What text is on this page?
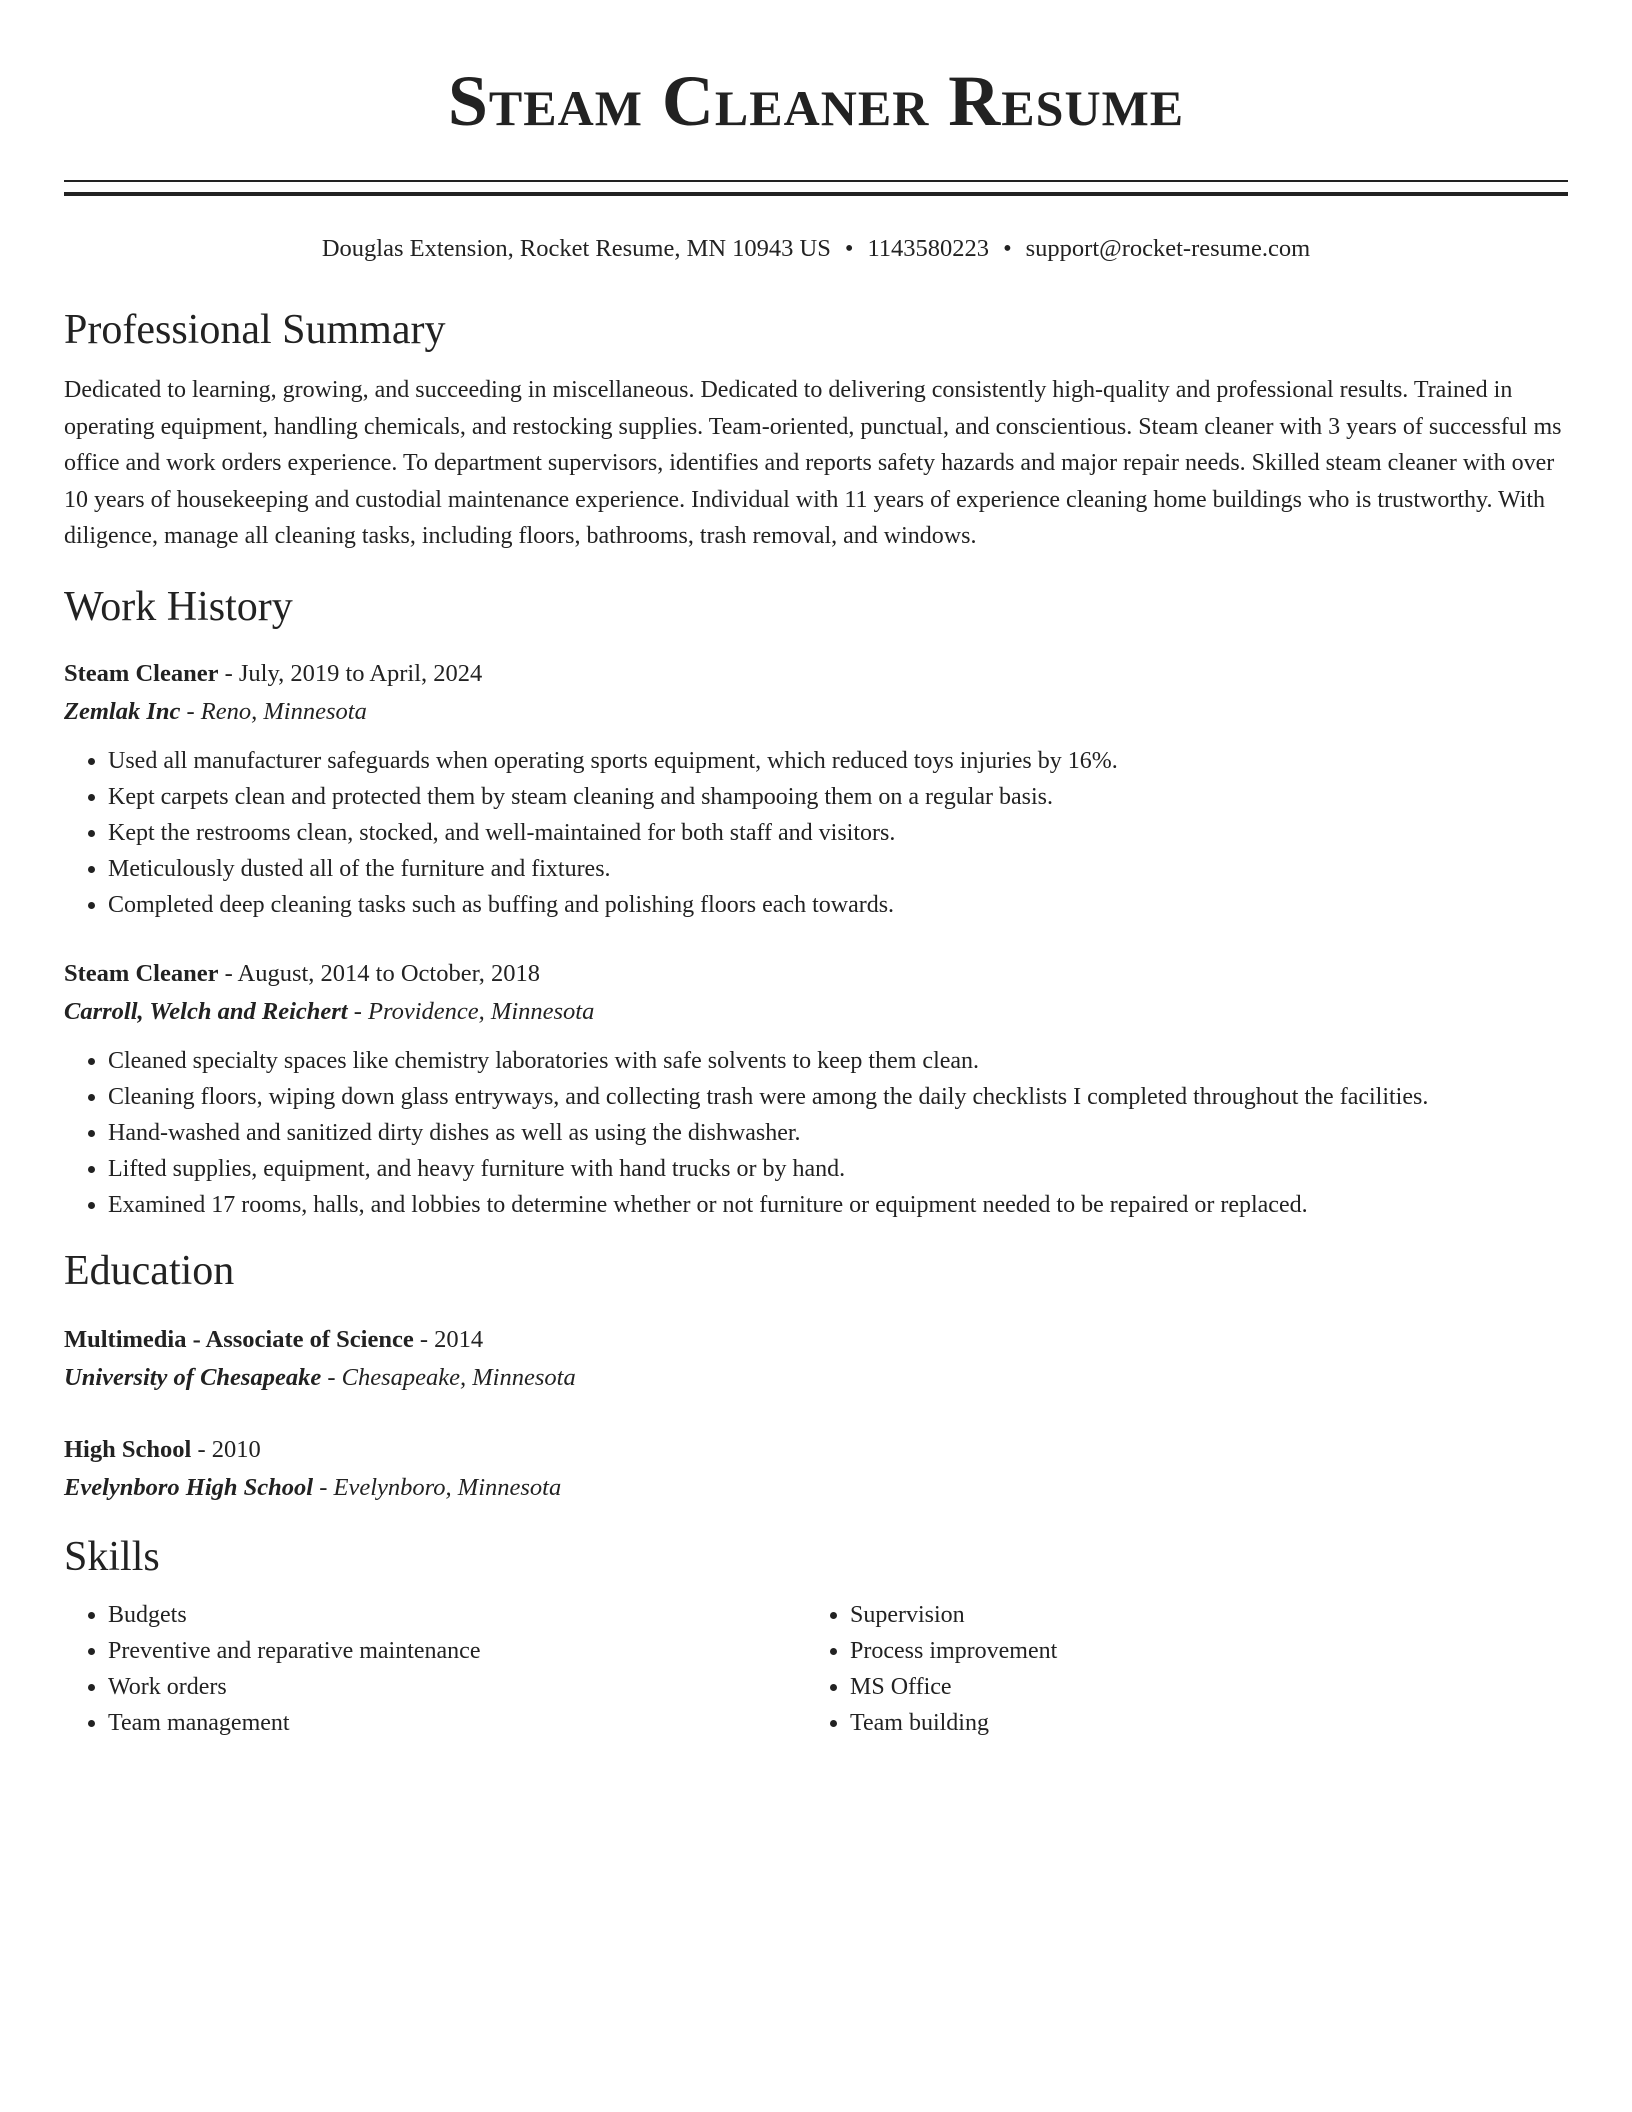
Steam Cleaner Resume
Douglas Extension, Rocket Resume, MN 10943 US • 1143580223 • support@rocket-resume.com
Professional Summary
Dedicated to learning, growing, and succeeding in miscellaneous. Dedicated to delivering consistently high-quality and professional results. Trained in operating equipment, handling chemicals, and restocking supplies. Team-oriented, punctual, and conscientious. Steam cleaner with 3 years of successful ms office and work orders experience. To department supervisors, identifies and reports safety hazards and major repair needs. Skilled steam cleaner with over 10 years of housekeeping and custodial maintenance experience. Individual with 11 years of experience cleaning home buildings who is trustworthy. With diligence, manage all cleaning tasks, including floors, bathrooms, trash removal, and windows.
Work History
Steam Cleaner - July, 2019 to April, 2024
Zemlak Inc - Reno, Minnesota
• Used all manufacturer safeguards when operating sports equipment, which reduced toys injuries by 16%.
• Kept carpets clean and protected them by steam cleaning and shampooing them on a regular basis.
• Kept the restrooms clean, stocked, and well-maintained for both staff and visitors.
• Meticulously dusted all of the furniture and fixtures.
• Completed deep cleaning tasks such as buffing and polishing floors each towards.
Steam Cleaner - August, 2014 to October, 2018
Carroll, Welch and Reichert - Providence, Minnesota
• Cleaned specialty spaces like chemistry laboratories with safe solvents to keep them clean.
• Cleaning floors, wiping down glass entryways, and collecting trash were among the daily checklists I completed throughout the facilities.
• Hand-washed and sanitized dirty dishes as well as using the dishwasher.
• Lifted supplies, equipment, and heavy furniture with hand trucks or by hand.
• Examined 17 rooms, halls, and lobbies to determine whether or not furniture or equipment needed to be repaired or replaced.
Education
Multimedia - Associate of Science - 2014
University of Chesapeake - Chesapeake, Minnesota
High School - 2010
Evelynboro High School - Evelynboro, Minnesota
Skills
• Budgets
• Preventive and reparative maintenance
• Work orders
• Team management
• Supervision
• Process improvement
• MS Office
• Team building
